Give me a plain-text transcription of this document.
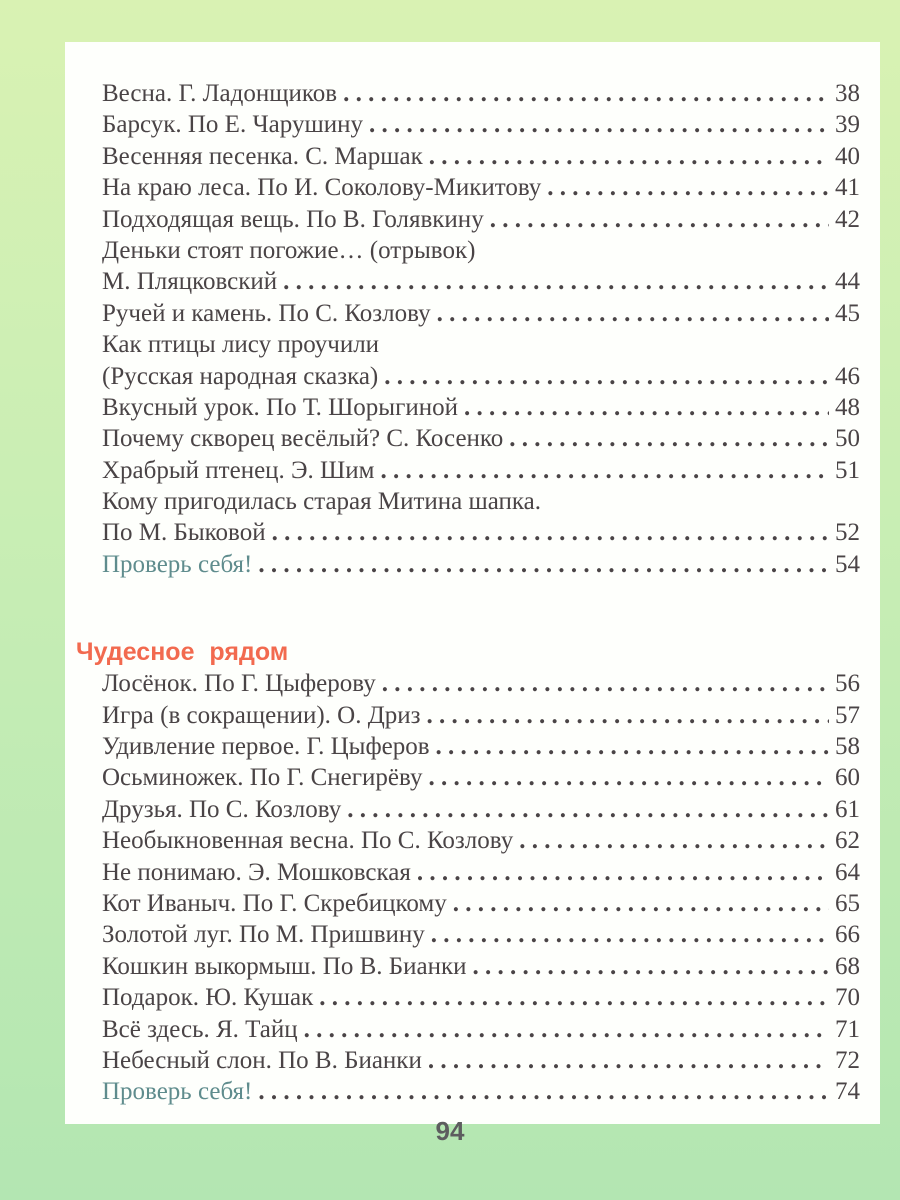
Весна. Г. Ладонщиков . . .	38
Барсук. По Е. Чарушину . . .	39
Весенняя песенка. С. Маршак . . .	40
На краю леса. По И. Соколову-Микитову . . .	41
Подходящая вещь. По В. Голявкину . . .	42
Деньки стоят погожие… (отрывок)
М. Пляцковский . . .	44
Ручей и камень. По С. Козлову . . .	45
Как птицы лису проучили
(Русская народная сказка) . . .	46
Вкусный урок. По Т. Шорыгиной . . .	48
Почему скворец весёлый? С. Косенко . . .	50
Храбрый птенец. Э. Шим . . .	51
Кому пригодилась старая Митина шапка.
По М. Быковой . . .	52
Проверь себя! . . .	54
Чудесное рядом
Лосёнок. По Г. Цыферову . . .	56
Игра (в сокращении). О. Дриз . . .	57
Удивление первое. Г. Цыферов . . .	58
Осьминожек. По Г. Снегирёву . . .	60
Друзья. По С. Козлову . . .	61
Необыкновенная весна. По С. Козлову . . .	62
Не понимаю. Э. Мошковская . . .	64
Кот Иваныч. По Г. Скребицкому . . .	65
Золотой луг. По М. Пришвину . . .	66
Кошкин выкормыш. По В. Бианки . . .	68
Подарок. Ю. Кушак . . .	70
Всё здесь. Я. Тайц . . .	71
Небесный слон. По В. Бианки . . .	72
Проверь себя! . . .	74
94
